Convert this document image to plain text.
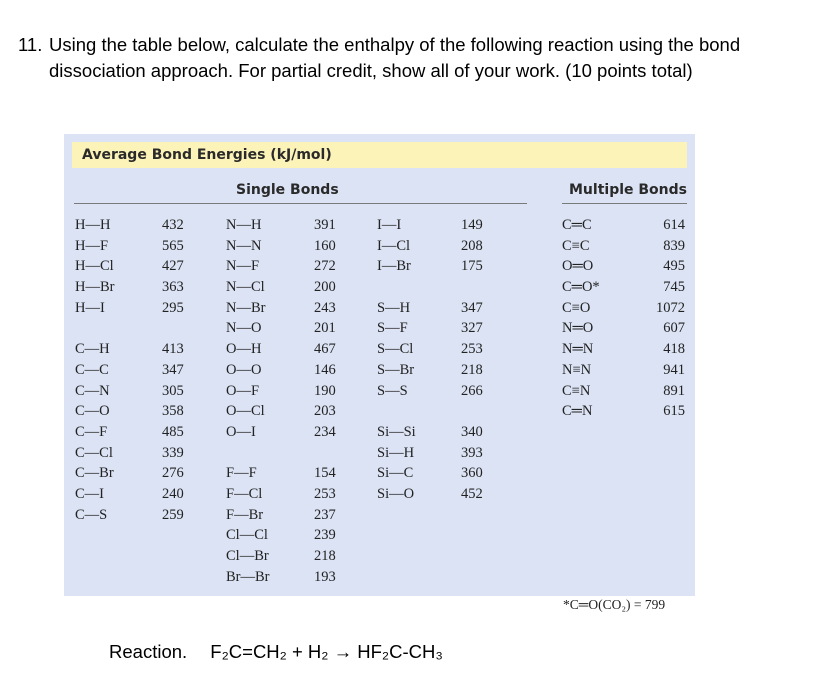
11. Using the table below, calculate the enthalpy of the following reaction using the bond dissociation approach. For partial credit, show all of your work. (10 points total)
Average Bond Energies (kJ/mol)
Single Bonds	Multiple Bonds
H—H
H—F
H—Cl
H—Br
H—I
C—H
C—C
C—N
C—O
C—F
C—Cl
C—Br
C—I
C—S
432
565
427
363
295
413
347
305
358
485
339
276
240
259
N—H
N—N
N—F
N—Cl
N—Br
N—O
O—H
O—O
O—F
O—Cl
O—I
F—F
F—Cl
F—Br
Cl—Cl
Cl—Br
Br—Br
391
160
272
200
243
201
467
146
190
203
234
154
253
237
239
218
193
I—I
I—Cl
I—Br
S—H
S—F
S—Cl
S—Br
S—S
Si—Si
Si—H
Si—C
Si—O
149
208
175
347
327
253
218
266
340
393
360
452
C═C
C≡C
O═O
C═O*
C≡O
N═O
N═N
N≡N
C≡N
C═N
614
839
495
745
1072
607
418
941
891
615
*C═O(CO₂) = 799
Reaction. F₂C=CH₂ + H₂ → HF₂C-CH₃
